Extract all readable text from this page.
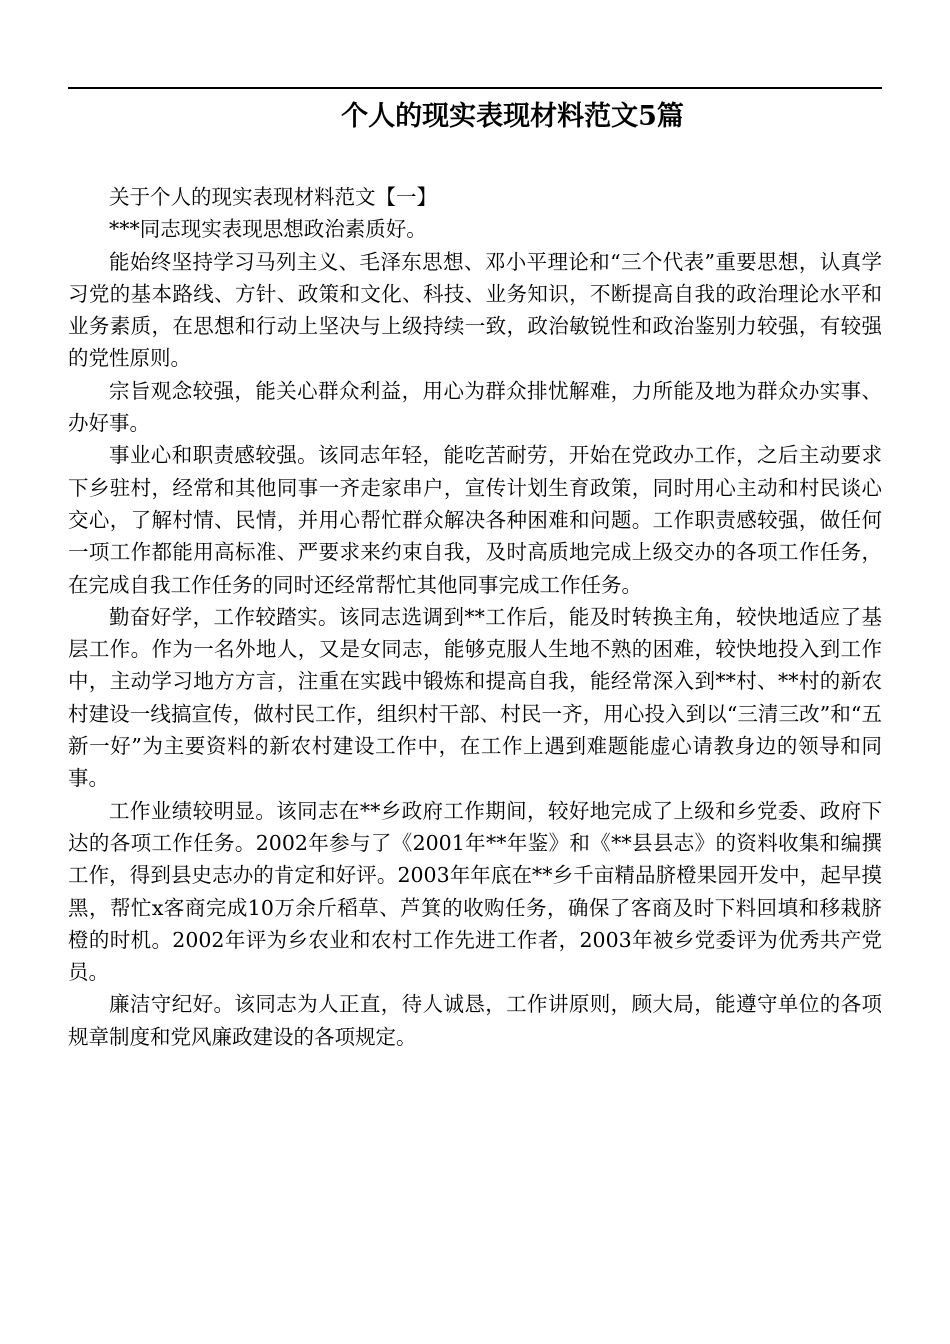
个人的现实表现材料范文5篇

关于个人的现实表现材料范文【一】

***同志现实表现思想政治素质好。

能始终坚持学习马列主义、毛泽东思想、邓小平理论和“三个代表”重要思想，认真学习党的基本路线、方针、政策和文化、科技、业务知识，不断提高自我的政治理论水平和业务素质，在思想和行动上坚决与上级持续一致，政治敏锐性和政治鉴别力较强，有较强的党性原则。

宗旨观念较强，能关心群众利益，用心为群众排忧解难，力所能及地为群众办实事、办好事。

事业心和职责感较强。该同志年轻，能吃苦耐劳，开始在党政办工作，之后主动要求下乡驻村，经常和其他同事一齐走家串户，宣传计划生育政策，同时用心主动和村民谈心交心，了解村情、民情，并用心帮忙群众解决各种困难和问题。工作职责感较强，做任何一项工作都能用高标准、严要求来约束自我，及时高质地完成上级交办的各项工作任务，在完成自我工作任务的同时还经常帮忙其他同事完成工作任务。

勤奋好学，工作较踏实。该同志选调到**工作后，能及时转换主角，较快地适应了基层工作。作为一名外地人，又是女同志，能够克服人生地不熟的困难，较快地投入到工作中，主动学习地方方言，注重在实践中锻炼和提高自我，能经常深入到**村、**村的新农村建设一线搞宣传，做村民工作，组织村干部、村民一齐，用心投入到以“三清三改”和“五新一好”为主要资料的新农村建设工作中，在工作上遇到难题能虚心请教身边的领导和同事。

工作业绩较明显。该同志在**乡政府工作期间，较好地完成了上级和乡党委、政府下达的各项工作任务。2002年参与了《2001年**年鉴》和《**县县志》的资料收集和编撰工作，得到县史志办的肯定和好评。2003年年底在**乡千亩精品脐橙果园开发中，起早摸黑，帮忙x客商完成10万余斤稻草、芦箕的收购任务，确保了客商及时下料回填和移栽脐橙的时机。2002年评为乡农业和农村工作先进工作者，2003年被乡党委评为优秀共产党员。

廉洁守纪好。该同志为人正直，待人诚恳，工作讲原则，顾大局，能遵守单位的各项规章制度和党风廉政建设的各项规定。
